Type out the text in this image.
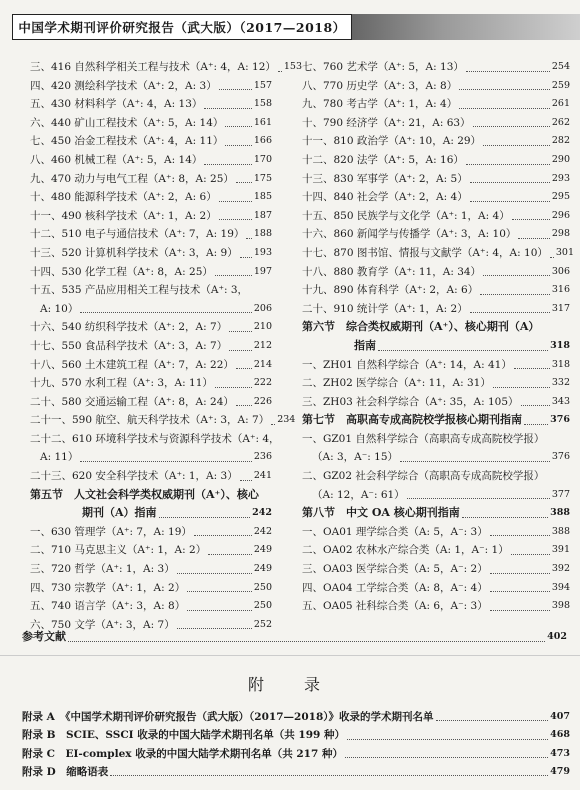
中国学术期刊评价研究报告（武大版）（2017—2018）
三、416 自然科学相关工程与技术（A⁺: 4，A: 12） 153
四、420 测绘科学技术（A⁺: 2，A: 3）	157
五、430 材料科学（A⁺: 4，A: 13）	158
六、440 矿山工程技术（A⁺: 5，A: 14）	161
七、450 冶金工程技术（A⁺: 4，A: 11）	166
八、460 机械工程（A⁺: 5，A: 14）	170
九、470 动力与电气工程（A⁺: 8，A: 25） 175
十、480 能源科学技术（A⁺: 2，A: 6）	185
十一、490 核科学技术（A⁺: 1，A: 2）	187
十二、510 电子与通信技术（A⁺: 7，A: 19） 188
十三、520 计算机科学技术（A⁺: 3，A: 9） 193
十四、530 化学工程（A⁺: 8，A: 25）	197
十五、535 产品应用相关工程与技术（A⁺: 3，
A: 10）	206
十六、540 纺织科学技术（A⁺: 2，A: 7）	210
十七、550 食品科学技术（A⁺: 3，A: 7）	212
十八、560 土木建筑工程（A⁺: 7，A: 22） 214
十九、570 水利工程（A⁺: 3，A: 11）	222
二十、580 交通运输工程（A⁺: 8，A: 24） 226
二十一、590 航空、航天科学技术（A⁺: 3，A: 7） 234
二十二、610 环境科学技术与资源科学技术（A⁺: 4，
A: 11）	236
二十三、620 安全科学技术（A⁺: 1，A: 3） 241
第五节　人文社会科学类权威期刊（A⁺）、核心
期刊（A）指南	242
一、630 管理学（A⁺: 7，A: 19）	242
二、710 马克思主义（A⁺: 1，A: 2）	249
三、720 哲学（A⁺: 1，A: 3）	249
四、730 宗教学（A⁺: 1，A: 2）	250
五、740 语言学（A⁺: 3，A: 8）	250
六、750 文学（A⁺: 3，A: 7）	252
七、760 艺术学（A⁺: 5，A: 13）	254
八、770 历史学（A⁺: 3，A: 8）	259
九、780 考古学（A⁺: 1，A: 4）	261
十、790 经济学（A⁺: 21，A: 63）	262
十一、810 政治学（A⁺: 10，A: 29）	282
十二、820 法学（A⁺: 5，A: 16）	290
十三、830 军事学（A⁺: 2，A: 5）	293
十四、840 社会学（A⁺: 2，A: 4）	295
十五、850 民族学与文化学（A⁺: 1，A: 4）	296
十六、860 新闻学与传播学（A⁺: 3，A: 10）	298
十七、870 图书馆、情报与文献学（A⁺: 4，A: 10） 301
十八、880 教育学（A⁺: 11，A: 34）	306
十九、890 体育科学（A⁺: 2，A: 6）	316
二十、910 统计学（A⁺: 1，A: 2）	317
第六节　综合类权威期刊（A⁺）、核心期刊（A）
指南	318
一、ZH01 自然科学综合（A⁺: 14，A: 41）	318
二、ZH02 医学综合（A⁺: 11，A: 31）	332
三、ZH03 社会科学综合（A⁺: 35，A: 105）	343
第七节　高职高专成高院校学报核心期刊指南	376
一、GZ01 自然科学综合（高职高专成高院校学报）
（A: 3，A⁻: 15）	376
二、GZ02 社会科学综合（高职高专成高院校学报）
（A: 12，A⁻: 61）	377
第八节　中文 OA 核心期刊指南	388
一、OA01 理学综合类（A: 5，A⁻: 3）	388
二、OA02 农林水产综合类（A: 1，A⁻: 1）	391
三、OA03 医学综合类（A: 5，A⁻: 2）	392
四、OA04 工学综合类（A: 8，A⁻: 4）	394
五、OA05 社科综合类（A: 6，A⁻: 3）	398
参考文献	402
附　录
附录 A　《中国学术期刊评价研究报告（武大版）（2017—2018）》收录的学术期刊名单	407
附录 B　SCIE、SSCI 收录的中国大陆学术期刊名单（共 199 种）	468
附录 C　EI-complex 收录的中国大陆学术期刊名单（共 217 种）	473
附录 D　缩略语表	479
